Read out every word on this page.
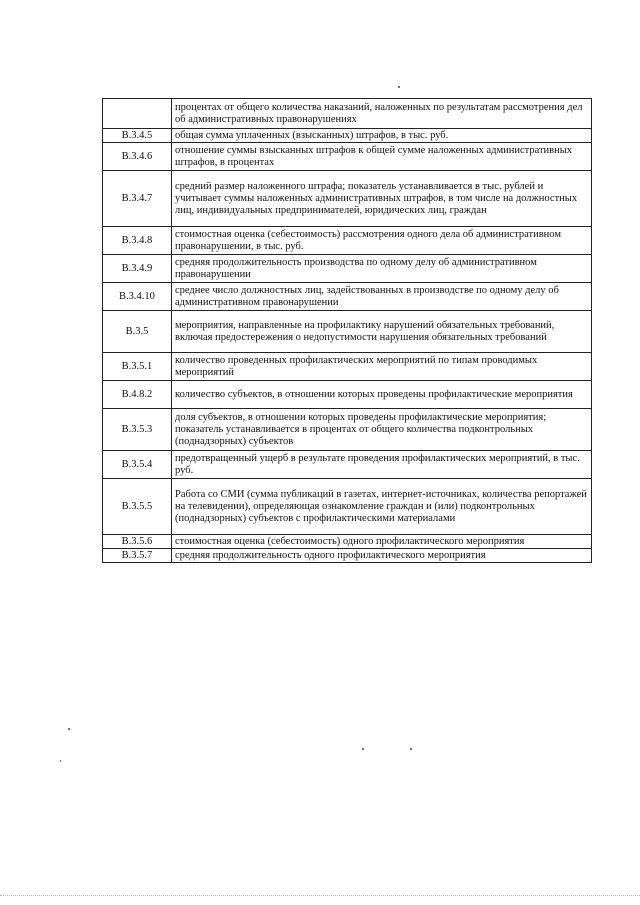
	процентах от общего количества наказаний, наложенных по результатам рассмотрения дел об административных правонарушениях
В.3.4.5	общая сумма уплаченных (взысканных) штрафов, в тыс. руб.
В.3.4.6	отношение суммы взысканных штрафов к общей сумме наложенных административных штрафов, в процентах
В.3.4.7	средний размер наложенного штрафа; показатель устанавливается в тыс. рублей и учитывает суммы наложенных административных штрафов, в том числе на должностных лиц, индивидуальных предпринимателей, юридических лиц, граждан
В.3.4.8	стоимостная оценка (себестоимость) рассмотрения одного дела об административном правонарушении, в тыс. руб.
В.3.4.9	средняя продолжительность производства по одному делу об административном правонарушении
В.3.4.10	среднее число должностных лиц, задействованных в производстве по одному делу об административном правонарушении
В.3.5	мероприятия, направленные на профилактику нарушений обязательных требований, включая предостережения о недопустимости нарушения обязательных требований
В.3.5.1	количество проведенных профилактических мероприятий по типам проводимых мероприятий
В.4.8.2	количество субъектов, в отношении которых проведены профилактические мероприятия
В.3.5.3	доля субъектов, в отношении которых проведены профилактические мероприятия; показатель устанавливается в процентах от общего количества подконтрольных (поднадзорных) субъектов
В.3.5.4	предотвращенный ущерб в результате проведения профилактических мероприятий, в тыс. руб.
В.3.5.5	Работа со СМИ (сумма публикаций в газетах, интернет-источниках, количества репортажей на телевидении), определяющая ознакомление граждан и (или) подконтрольных (поднадзорных) субъектов с профилактическими материалами
В.3.5.6	стоимостная оценка (себестоимость) одного профилактического мероприятия
В.3.5.7	средняя продолжительность одного профилактического мероприятия
